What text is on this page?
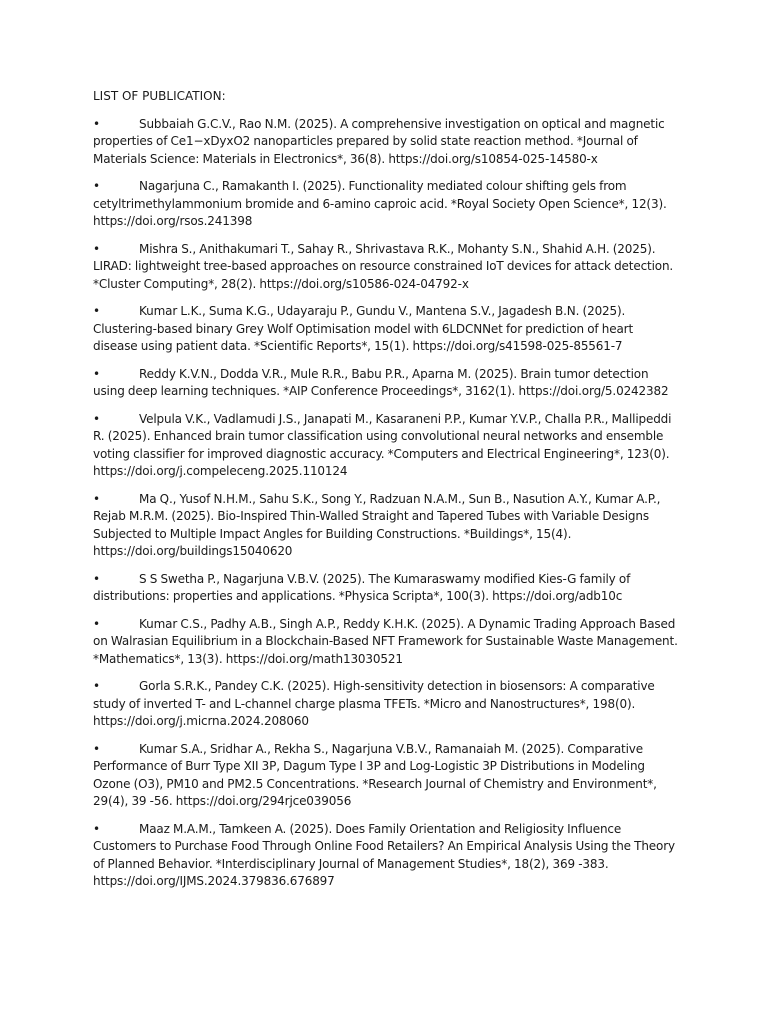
LIST OF PUBLICATION:
•	Subbaiah G.C.V., Rao N.M. (2025). A comprehensive investigation on optical and magnetic properties of Ce1−xDyxO2 nanoparticles prepared by solid state reaction method. *Journal of Materials Science: Materials in Electronics*, 36(8). https://doi.org/s10854-025-14580-x
•	Nagarjuna C., Ramakanth I. (2025). Functionality mediated colour shifting gels from cetyltrimethylammonium bromide and 6-amino caproic acid. *Royal Society Open Science*, 12(3). https://doi.org/rsos.241398
•	Mishra S., Anithakumari T., Sahay R., Shrivastava R.K., Mohanty S.N., Shahid A.H. (2025). LIRAD: lightweight tree-based approaches on resource constrained IoT devices for attack detection. *Cluster Computing*, 28(2). https://doi.org/s10586-024-04792-x
•	Kumar L.K., Suma K.G., Udayaraju P., Gundu V., Mantena S.V., Jagadesh B.N. (2025). Clustering-based binary Grey Wolf Optimisation model with 6LDCNNet for prediction of heart disease using patient data. *Scientific Reports*, 15(1). https://doi.org/s41598-025-85561-7
•	Reddy K.V.N., Dodda V.R., Mule R.R., Babu P.R., Aparna M. (2025). Brain tumor detection using deep learning techniques. *AIP Conference Proceedings*, 3162(1). https://doi.org/5.0242382
•	Velpula V.K., Vadlamudi J.S., Janapati M., Kasaraneni P.P., Kumar Y.V.P., Challa P.R., Mallipeddi R. (2025). Enhanced brain tumor classification using convolutional neural networks and ensemble voting classifier for improved diagnostic accuracy. *Computers and Electrical Engineering*, 123(0). https://doi.org/j.compeleceng.2025.110124
•	Ma Q., Yusof N.H.M., Sahu S.K., Song Y., Radzuan N.A.M., Sun B., Nasution A.Y., Kumar A.P., Rejab M.R.M. (2025). Bio-Inspired Thin-Walled Straight and Tapered Tubes with Variable Designs Subjected to Multiple Impact Angles for Building Constructions. *Buildings*, 15(4). https://doi.org/buildings15040620
•	S S Swetha P., Nagarjuna V.B.V. (2025). The Kumaraswamy modified Kies-G family of distributions: properties and applications. *Physica Scripta*, 100(3). https://doi.org/adb10c
•	Kumar C.S., Padhy A.B., Singh A.P., Reddy K.H.K. (2025). A Dynamic Trading Approach Based on Walrasian Equilibrium in a Blockchain-Based NFT Framework for Sustainable Waste Management. *Mathematics*, 13(3). https://doi.org/math13030521
•	Gorla S.R.K., Pandey C.K. (2025). High-sensitivity detection in biosensors: A comparative study of inverted T- and L-channel charge plasma TFETs. *Micro and Nanostructures*, 198(0). https://doi.org/j.micrna.2024.208060
•	Kumar S.A., Sridhar A., Rekha S., Nagarjuna V.B.V., Ramanaiah M. (2025). Comparative Performance of Burr Type XII 3P, Dagum Type I 3P and Log-Logistic 3P Distributions in Modeling Ozone (O3), PM10 and PM2.5 Concentrations. *Research Journal of Chemistry and Environment*, 29(4), 39 -56. https://doi.org/294rjce039056
•	Maaz M.A.M., Tamkeen A. (2025). Does Family Orientation and Religiosity Influence Customers to Purchase Food Through Online Food Retailers? An Empirical Analysis Using the Theory of Planned Behavior. *Interdisciplinary Journal of Management Studies*, 18(2), 369 -383. https://doi.org/IJMS.2024.379836.676897
